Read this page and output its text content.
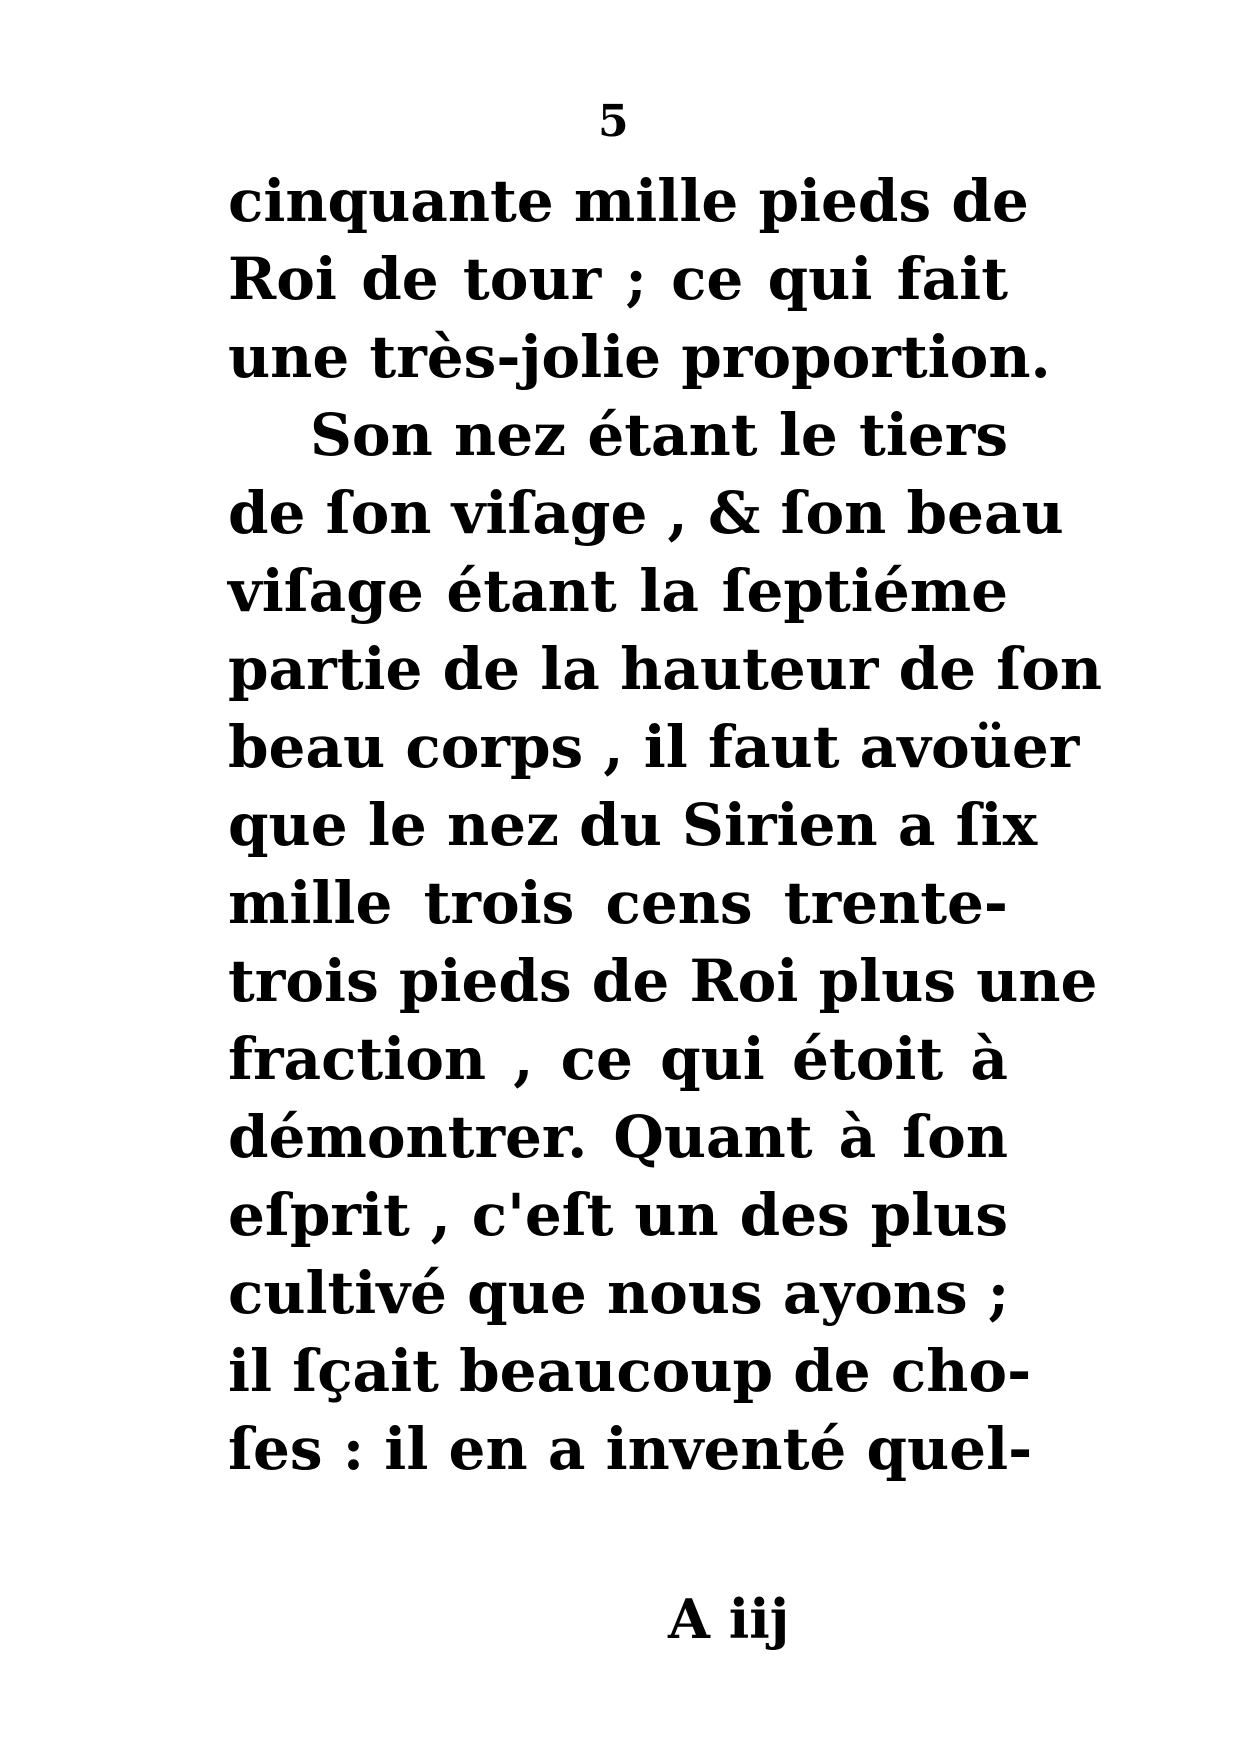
5
cinquante mille pieds de
Roi de tour ; ce qui fait
une très-jolie proportion.
Son nez étant le tiers
de ſon viſage , & ſon beau
viſage étant la ſeptiéme
partie de la hauteur de ſon
beau corps , il faut avoüer
que le nez du Sirien a ſix
mille trois cens trente-
trois pieds de Roi plus une
fraction , ce qui étoit à
démontrer. Quant à ſon
eſprit , c'eſt un des plus
cultivé que nous ayons ;
il ſçait beaucoup de cho-
ſes : il en a inventé quel-
A iij
